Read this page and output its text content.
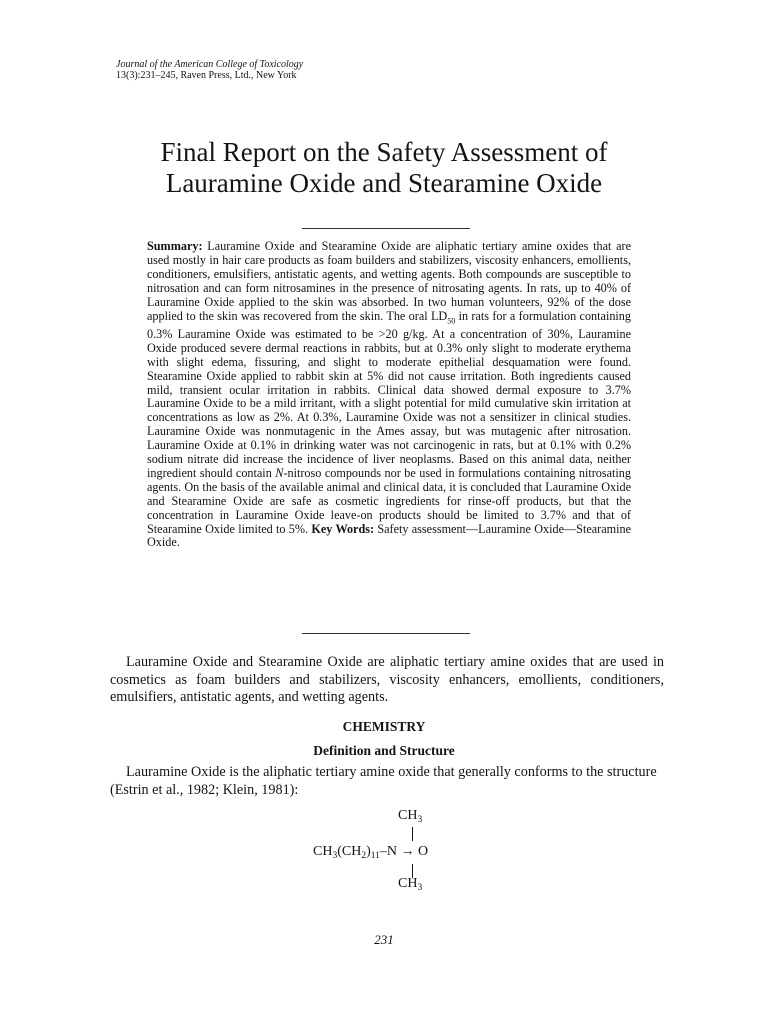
Journal of the American College of Toxicology
13(3):231–245, Raven Press, Ltd., New York
Final Report on the Safety Assessment of
Lauramine Oxide and Stearamine Oxide

Summary: Lauramine Oxide and Stearamine Oxide are aliphatic tertiary amine oxides that are used mostly in hair care products as foam builders and stabilizers, viscosity enhancers, emollients, conditioners, emulsifiers, antistatic agents, and wetting agents. Both compounds are susceptible to nitrosation and can form nitrosamines in the presence of nitrosating agents. In rats, up to 40% of Lauramine Oxide applied to the skin was absorbed. In two human volunteers, 92% of the dose applied to the skin was recovered from the skin. The oral $LD_{50}$ in rats for a formulation containing 0.3% Lauramine Oxide was estimated to be >20 g/kg. At a concentration of 30%, Lauramine Oxide produced severe dermal reactions in rabbits, but at 0.3% only slight to moderate erythema with slight edema, fissuring, and slight to moderate epithelial desquamation were found. Stearamine Oxide applied to rabbit skin at 5% did not cause irritation. Both ingredients caused mild, transient ocular irritation in rabbits. Clinical data showed dermal exposure to 3.7% Lauramine Oxide to be a mild irritant, with a slight potential for mild cumulative skin irritation at concentrations as low as 2%. At 0.3%, Lauramine Oxide was not a sensitizer in clinical studies. Lauramine Oxide was nonmutagenic in the Ames assay, but was mutagenic after nitrosation. Lauramine Oxide at 0.1% in drinking water was not carcinogenic in rats, but at 0.1% with 0.2% sodium nitrate did increase the incidence of liver neoplasms. Based on this animal data, neither ingredient should contain N-nitroso compounds nor be used in formulations containing nitrosating agents. On the basis of the available animal and clinical data, it is concluded that Lauramine Oxide and Stearamine Oxide are safe as cosmetic ingredients for rinse-off products, but that the concentration in Lauramine Oxide leave-on products should be limited to 3.7% and that of Stearamine Oxide limited to 5%. Key Words: Safety assessment—Lauramine Oxide—Stearamine Oxide.

Lauramine Oxide and Stearamine Oxide are aliphatic tertiary amine oxides that are used in cosmetics as foam builders and stabilizers, viscosity enhancers, emollients, conditioners, emulsifiers, antistatic agents, and wetting agents.

CHEMISTRY
Definition and Structure

Lauramine Oxide is the aliphatic tertiary amine oxide that generally conforms to the structure (Estrin et al., 1982; Klein, 1981):

$CH_3$
$CH_3(CH_2)_{11}-N \to O$
$CH_3$
231
